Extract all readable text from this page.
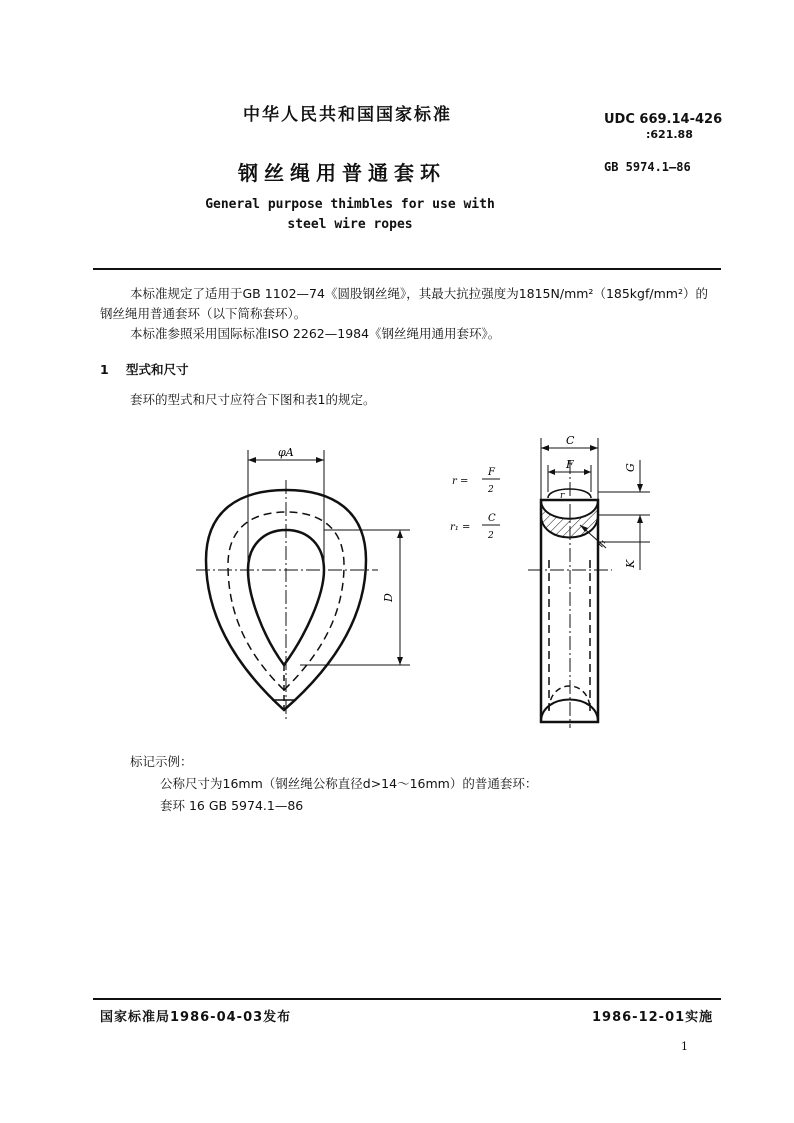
中华人民共和国国家标准	UDC 669.14-426
:621.88
GB 5974.1—86
钢丝绳用普通套环
General purpose thimbles for use with
steel wire ropes

本标准规定了适用于GB 1102—74《圆股钢丝绳》，其最大抗拉强度为1815N/mm²（185kgf/mm²）的钢丝绳用普通套环（以下简称套环）。

本标准参照采用国际标准ISO 2262—1984《钢丝绳用通用套环》。

1 型式和尺寸
套环的型式和尺寸应符合下图和表1的规定。
φA
D
C
F	G
K
r
r₁
r =
F
2
r₁ =
C
2
标记示例：
公称尺寸为16mm（钢丝绳公称直径d>14～16mm）的普通套环：
套环 16 GB 5974.1—86
国家标准局1986-04-03发布	1986-12-01实施
1
